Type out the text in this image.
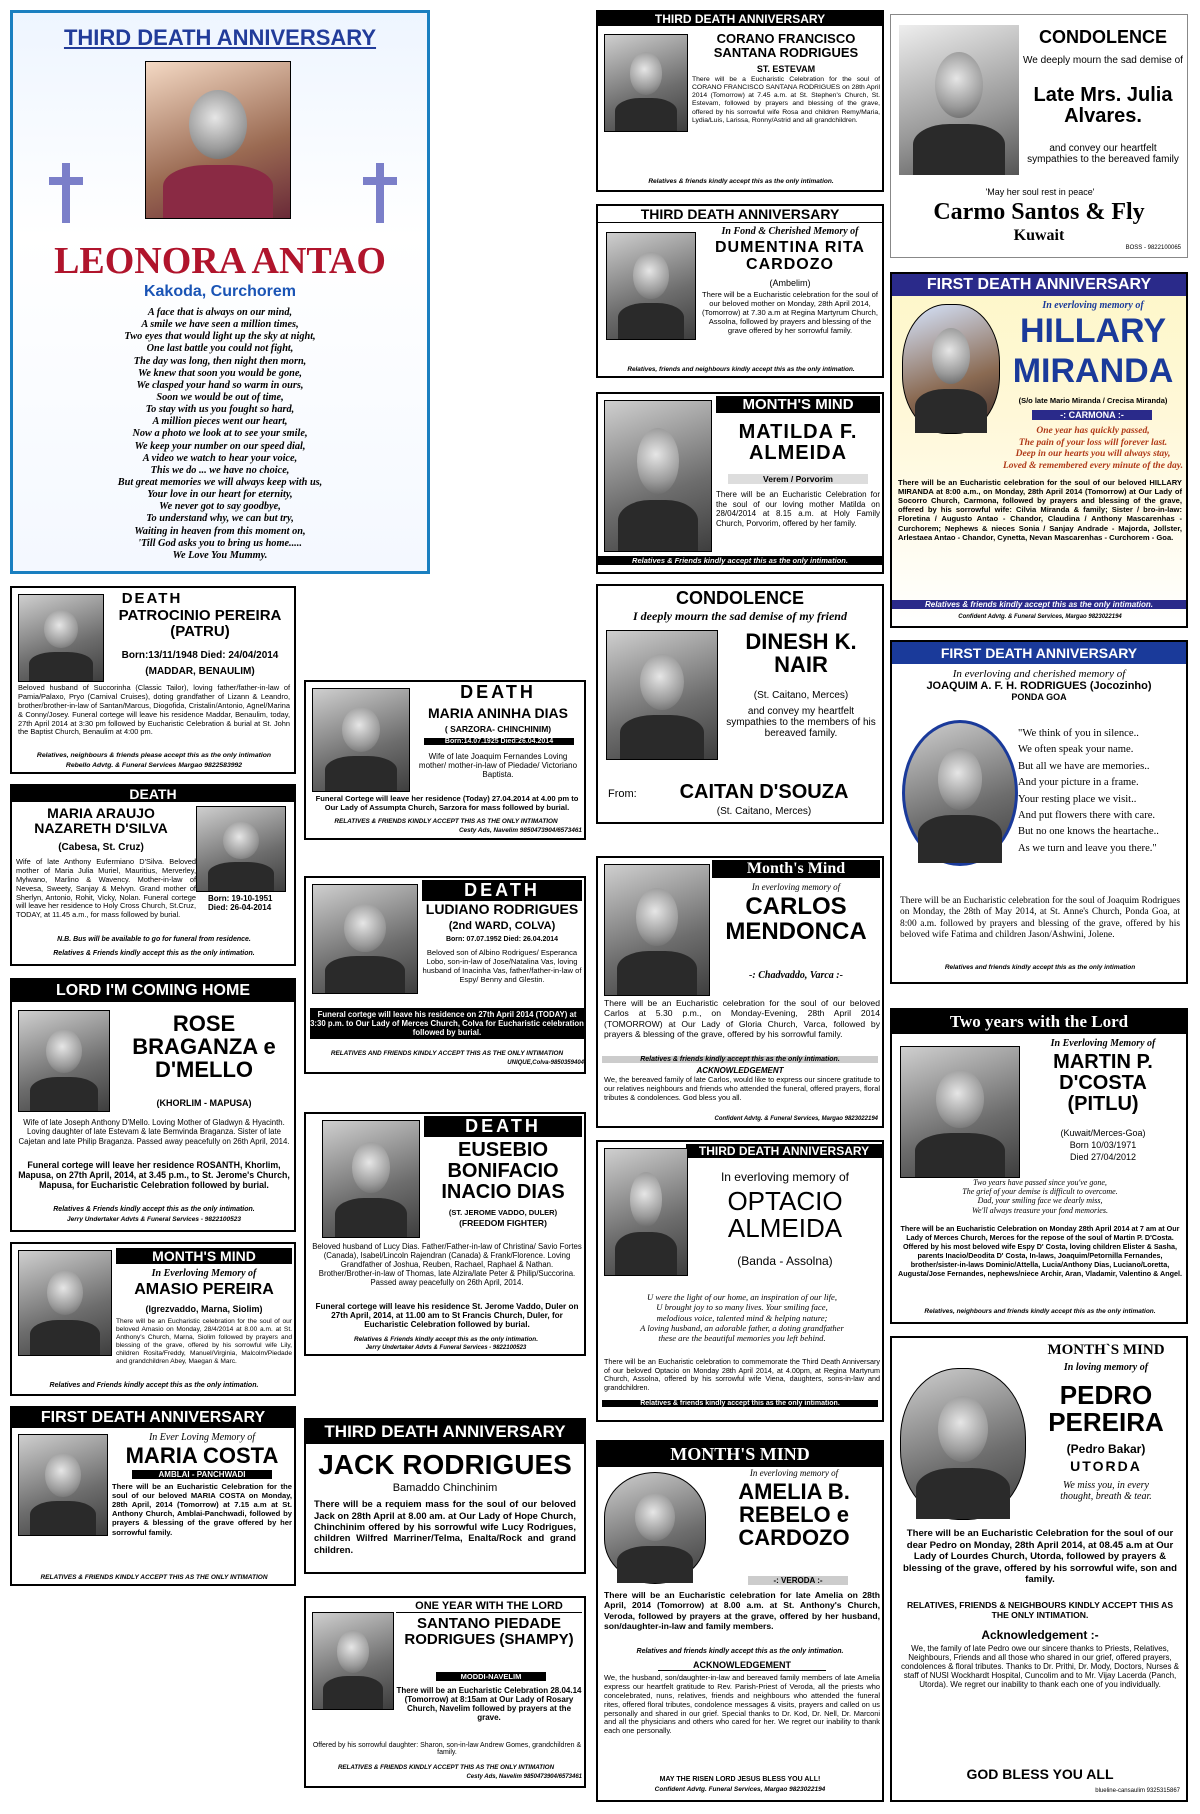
THIRD DEATH ANNIVERSARY
LEONORA ANTAO
Kakoda, Curchorem
A face that is always on our mind,
A smile we have seen a million times,
Two eyes that would light up the sky at night,
One last battle you could not fight,
The day was long, then night then morn,
We knew that soon you would be gone,
We clasped your hand so warm in ours,
Soon we would be out of time,
To stay with us you fought so hard,
A million pieces went our heart,
Now a photo we look at to see your smile,
We keep your number on our speed dial,
A video we watch to hear your voice,
This we do ... we have no choice,
But great memories we will always keep with us,
Your love in our heart for eternity,
We never got to say goodbye,
To understand why, we can but try,
Waiting in heaven from this moment on,
'Till God asks you to bring us home.....
We Love You Mummy.
DEATH
PATROCINIO PEREIRA (PATRU)
Born:13/11/1948 Died: 24/04/2014
(MADDAR, BENAULIM)
Beloved husband of Succorinha (Classic Tailor), loving father/father-in-law of Pamia/Palaxo, Pryo (Carnival Cruises), doting grandfather of Lizann & Leandro, brother/brother-in-law of Santan/Marcus, Diogofida, Cristalin/Antonio, Agnel/Marina & Conny/Josey. Funeral cortege will leave his residence Maddar, Benaulim, today, 27th April 2014 at 3:30 pm followed by Eucharistic Celebration & burial at St. John the Baptist Church, Benaulim at 4:00 pm.
Relatives, neighbours & friends please accept this as the only intimation
Rebello Advtg. & Funeral Services Margao 9822583992
DEATH
MARIA ARAUJO NAZARETH D'SILVA
(Cabesa, St. Cruz)
Wife of late Anthony Eufermiano D'Silva. Beloved mother of Maria Julia Muriel, Mauritius, Merverley, Mylwano, Marlino & Wavency. Mother-in-law of Nevesa, Sweety, Sanjay & Melvyn. Grand mother of Sherlyn, Antonio, Rohit, Vicky, Nolan. Funeral cortege will leave her residence to Holy Cross Church, St.Cruz, TODAY, at 11.45 a.m., for mass followed by burial.
Born: 19-10-1951 Died: 26-04-2014
N.B. Bus will be available to go for funeral from residence.
Relatives & Friends kindly accept this as the only intimation.
LORD I'M COMING HOME
ROSE BRAGANZA e D'MELLO
(KHORLIM - MAPUSA)
Wife of late Joseph Anthony D'Mello. Loving Mother of Gladwyn & Hyacinth. Loving daughter of late Estevam & late Bemvinda Braganza. Sister of late Cajetan and late Philip Braganza. Passed away peacefully on 26th April, 2014.
Funeral cortege will leave her residence ROSANTH, Khorlim, Mapusa, on 27th April, 2014, at 3.45 p.m., to St. Jerome's Church, Mapusa, for Eucharistic Celebration followed by burial.
Relatives & Friends kindly accept this as the only intimation.
Jerry Undertaker Advts & Funeral Services - 9822100523
MONTH'S MIND
In Everloving Memory of
AMASIO PEREIRA
(Igrezvaddo, Marna, Siolim)
There will be an Eucharistic celebration for the soul of our beloved Amasio on Monday, 28/4/2014 at 8.00 a.m. at St. Anthony's Church, Marna, Siolim followed by prayers and blessing of the grave, offered by his sorrowful wife Lily, children Rosita/Freddy, Manuel/Virginia, Malcolm/Piedade and grandchildren Abey, Maegan & Marc.
Relatives and Friends kindly accept this as the only intimation.
FIRST DEATH ANNIVERSARY
In Ever Loving Memory of
MARIA COSTA
AMBLAI - PANCHWADI
There will be an Eucharistic Celebration for the soul of our beloved MARIA COSTA on Monday, 28th April, 2014 (Tomorrow) at 7.15 a.m at St. Anthony Church, Amblai-Panchwadi, followed by prayers & blessing of the grave offered by her sorrowful family.
RELATIVES & FRIENDS KINDLY ACCEPT THIS AS THE ONLY INTIMATION
DEATH
MARIA ANINHA DIAS
( SARZORA- CHINCHINIM)
Born:14.07.1925 Died:26.04.2014
Wife of late Joaquim Fernandes Loving mother/ mother-in-law of Piedade/ Victoriano Baptista.
Funeral Cortege will leave her residence (Today) 27.04.2014 at 4.00 pm to Our Lady of Assumpta Church, Sarzora for mass followed by burial.
RELATIVES & FRIENDS KINDLY ACCEPT THIS AS THE ONLY INTIMATION
Cesty Ads, Navelim 9850473904/6573461
DEATH
LUDIANO RODRIGUES
(2nd WARD, COLVA)
Born: 07.07.1952 Died: 26.04.2014
Beloved son of Albino Rodrigues/ Esperanca Lobo, son-in-law of Jose/Natalina Vas, loving husband of Inacinha Vas, father/father-in-law of Espy/ Benny and Glestin.
Funeral cortege will leave his residence on 27th April 2014 (TODAY) at 3:30 p.m. to Our Lady of Merces Church, Colva for Eucharistic celebration followed by burial.
RELATIVES AND FRIENDS KINDLY ACCEPT THIS AS THE ONLY INTIMATION
UNIQUE,Colva-9850359404
DEATH
EUSEBIO BONIFACIO INACIO DIAS
(ST. JEROME VADDO, DULER)
(FREEDOM FIGHTER)
Beloved husband of Lucy Dias. Father/Father-in-law of Christina/ Savio Fortes (Canada), Isabel/Lincoln Rajendran (Canada) & Frank/Florence. Loving Grandfather of Joshua, Reuben, Rachael, Raphael & Nathan. Brother/Brother-in-law of Thomas, late Alzira/late Peter & Philip/Succorina. Passed away peacefully on 26th April, 2014.
Funeral cortege will leave his residence St. Jerome Vaddo, Duler on 27th April, 2014, at 11.00 am to St Francis Church, Duler, for Eucharistic Celebration followed by burial.
Relatives & Friends kindly accept this as the only intimation.
Jerry Undertaker Advts & Funeral Services - 9822100523
THIRD DEATH ANNIVERSARY
JACK RODRIGUES
Bamaddo Chinchinim
There will be a requiem mass for the soul of our beloved Jack on 28th April at 8.00 am. at Our Lady of Hope Church, Chinchinim offered by his sorrowful wife Lucy Rodrigues, children Wilfred Marriner/Telma, Enalta/Rock and grand children.
ONE YEAR WITH THE LORD
SANTANO PIEDADE RODRIGUES (SHAMPY)
MODDI-NAVELIM
There will be an Eucharistic Celebration 28.04.14 (Tomorrow) at 8:15am at Our Lady of Rosary Church, Navelim followed by prayers at the grave.
Offered by his sorrowful daughter: Sharon, son-in-law Andrew Gomes, grandchildren & family.
RELATIVES & FRIENDS KINDLY ACCEPT THIS AS THE ONLY INTIMATION
Cesty Ads, Navelim 9850473904/6573461
THIRD DEATH ANNIVERSARY
CORANO FRANCISCO SANTANA RODRIGUES
ST. ESTEVAM
There will be a Eucharistic Celebration for the soul of CORANO FRANCISCO SANTANA RODRIGUES on 28th April 2014 (Tomorrow) at 7.45 a.m. at St. Stephen's Church, St. Estevam, followed by prayers and blessing of the grave, offered by his sorrowful wife Rosa and children Remy/Maria, Lydia/Luis, Larissa, Ronny/Astrid and all grandchildren.
Relatives & friends kindly accept this as the only intimation.
THIRD DEATH ANNIVERSARY
In Fond & Cherished Memory of
DUMENTINA RITA CARDOZO
(Ambelim)
There will be a Eucharistic celebration for the soul of our beloved mother on Monday, 28th April 2014, (Tomorrow) at 7.30 a.m at Regina Martyrum Church, Assolna, followed by prayers and blessing of the grave offered by her sorrowful family.
Relatives, friends and neighbours kindly accept this as the only intimation.
MONTH'S MIND
MATILDA F. ALMEIDA
Verem / Porvorim
There will be an Eucharistic Celebration for the soul of our loving mother Matilda on 28/04/2014 at 8.15 a.m. at Holy Family Church, Porvorim, offered by her family.
Relatives & Friends kindly accept this as the only intimation.
CONDOLENCE
I deeply mourn the sad demise of my friend
DINESH K. NAIR
(St. Caitano, Merces)
and convey my heartfelt sympathies to the members of his bereaved family.
From:	CAITAN D'SOUZA
(St. Caitano, Merces)
Month's Mind
In everloving memory of
CARLOS MENDONCA
-: Chadvaddo, Varca :-
There will be an Eucharistic celebration for the soul of our beloved Carlos at 5.30 p.m., on Monday-Evening, 28th April 2014 (TOMORROW) at Our Lady of Gloria Church, Varca, followed by prayers & blessing of the grave, offered by his sorrowful family.
Relatives & friends kindly accept this as the only intimation.
ACKNOWLEDGEMENT
We, the bereaved family of late Carlos, would like to express our sincere gratitude to our relatives neighbours and friends who attended the funeral, offered prayers, floral tributes & condolences. God bless you all.
Confident Advtg. & Funeral Services, Margao 9823022194
THIRD DEATH ANNIVERSARY
In everloving memory of
OPTACIO ALMEIDA
(Banda - Assolna)
U were the light of our home, an inspiration of our life,
U brought joy to so many lives. Your smiling face,
melodious voice, talented mind & helping nature;
A loving husband, an adorable father, a doting grandfather
these are the beautiful memories you left behind.
There will be an Eucharistic celebration to commemorate the Third Death Anniversary of our beloved Optacio on Monday 28th April 2014, at 4.00pm, at Regina Martyrum Church, Assolna, offered by his sorrowful wife Viena, daughters, sons-in-law and grandchildren.
Relatives & friends kindly accept this as the only intimation.
MONTH'S MIND
In everloving memory of
AMELIA B. REBELO e CARDOZO
-: VERODA :-
There will be an Eucharistic celebration for late Amelia on 28th April, 2014 (Tomorrow) at 8.00 a.m. at St. Anthony's Church, Veroda, followed by prayers at the grave, offered by her husband, son/daughter-in-law and family members.
Relatives and friends kindly accept this as the only intimation.
ACKNOWLEDGEMENT
We, the husband, son/daughter-in-law and bereaved family members of late Amelia express our heartfelt gratitude to Rev. Parish-Priest of Veroda, all the priests who concelebrated, nuns, relatives, friends and neighbours who attended the funeral rites, offered floral tributes, condolence messages & visits, prayers and called on us personally and shared in our grief. Special thanks to Dr. Kod, Dr. Nell, Dr. Marconi and all the physicians and others who cared for her. We regret our inability to thank each one personally.
MAY THE RISEN LORD JESUS BLESS YOU ALL!
Confident Advtg. Funeral Services, Margao 9823022194
CONDOLENCE
We deeply mourn the sad demise of
Late Mrs. Julia Alvares.
and convey our heartfelt sympathies to the bereaved family
'May her soul rest in peace'
Carmo Santos & Fly
Kuwait
BOSS - 9822100065
FIRST DEATH ANNIVERSARY
In everloving memory of
HILLARY
MIRANDA
(S/o late Mario Miranda / Crecisa Miranda)
-: CARMONA :-
One year has quickly passed,
The pain of your loss will forever last.
Deep in our hearts you will always stay,
Loved & remembered every minute of the day.
There will be an Eucharistic celebration for the soul of our beloved HILLARY MIRANDA at 8:00 a.m., on Monday, 28th April 2014 (Tomorrow) at Our Lady of Socorro Church, Carmona, followed by prayers and blessing of the grave, offered by his sorrowful wife: Cilvia Miranda & family; Sister / bro-in-law: Floretina / Augusto Antao - Chandor, Claudina / Anthony Mascarenhas - Curchorem; Nephews & nieces Sonia / Sanjay Andrade - Majorda, Jollster, Arlestaea Antao - Chandor, Cynetta, Nevan Mascarenhas - Curchorem - Goa.
Relatives & friends kindly accept this as the only intimation.
Confident Advtg. & Funeral Services, Margao 9823022194
FIRST DEATH ANNIVERSARY
In everloving and cherished memory of
JOAQUIM A. F. H. RODRIGUES (Jocozinho)
PONDA GOA
"We think of you in silence..
We often speak your name.
But all we have are memories..
And your picture in a frame.
Your resting place we visit..
And put flowers there with care.
But no one knows the heartache..
As we turn and leave you there."
There will be an Eucharistic celebration for the soul of Joaquim Rodrigues on Monday, the 28th of May 2014, at St. Anne's Church, Ponda Goa, at 8:00 a.m. followed by prayers and blessing of the grave, offered by his beloved wife Fatima and children Jason/Ashwini, Jolene.
Relatives and friends kindly accept this as the only intimation
Two years with the Lord
In Everloving Memory of
MARTIN P. D'COSTA (PITLU)
(Kuwait/Merces-Goa)
Born 10/03/1971
Died 27/04/2012
Two years have passed since you've gone,
The grief of your demise is difficult to overcome.
Dad, your smiling face we dearly miss,
We'll always treasure your fond memories.
There will be an Eucharistic Celebration on Monday 28th April 2014 at 7 am at Our Lady of Merces Church, Merces for the repose of the soul of Martin P. D'Costa. Offered by his most beloved wife Espy D' Costa, loving children Elister & Sasha, parents Inacio/Deodita D' Costa, In-laws, Joaquim/Petornilla Fernandes, brother/sister-in-laws Dominic/Attella, Lucia/Anthony Dias, Luciano/Loretta, Augusta/Jose Fernandes, nephews/niece Archir, Aran, Vladamir, Valentino & Angel.
Relatives, neighbours and friends kindly accept this as the only intimation.
MONTH`S MIND
In loving memory of
PEDRO PEREIRA
(Pedro Bakar)
UTORDA
We miss you, in every
thought, breath & tear.
There will be an Eucharistic Celebration for the soul of our dear Pedro on Monday, 28th April 2014, at 08.45 a.m at Our Lady of Lourdes Church, Utorda, followed by prayers & blessing of the grave, offered by his sorrowful wife, son and family.
RELATIVES, FRIENDS & NEIGHBOURS KINDLY ACCEPT THIS AS THE ONLY INTIMATION.
Acknowledgement :-
We, the family of late Pedro owe our sincere thanks to Priests, Relatives, Neighbours, Friends and all those who shared in our grief, offered prayers, condolences & floral tributes. Thanks to Dr. Prithi, Dr. Mody, Doctors, Nurses & staff of NUSI Wockhardt Hospital, Cuncolim and to Mr. Vijay Lacerda (Panch, Utorda). We regret our inability to thank each one of you individually.
GOD BLESS YOU ALL
blueline-cansaulim 9325315867
